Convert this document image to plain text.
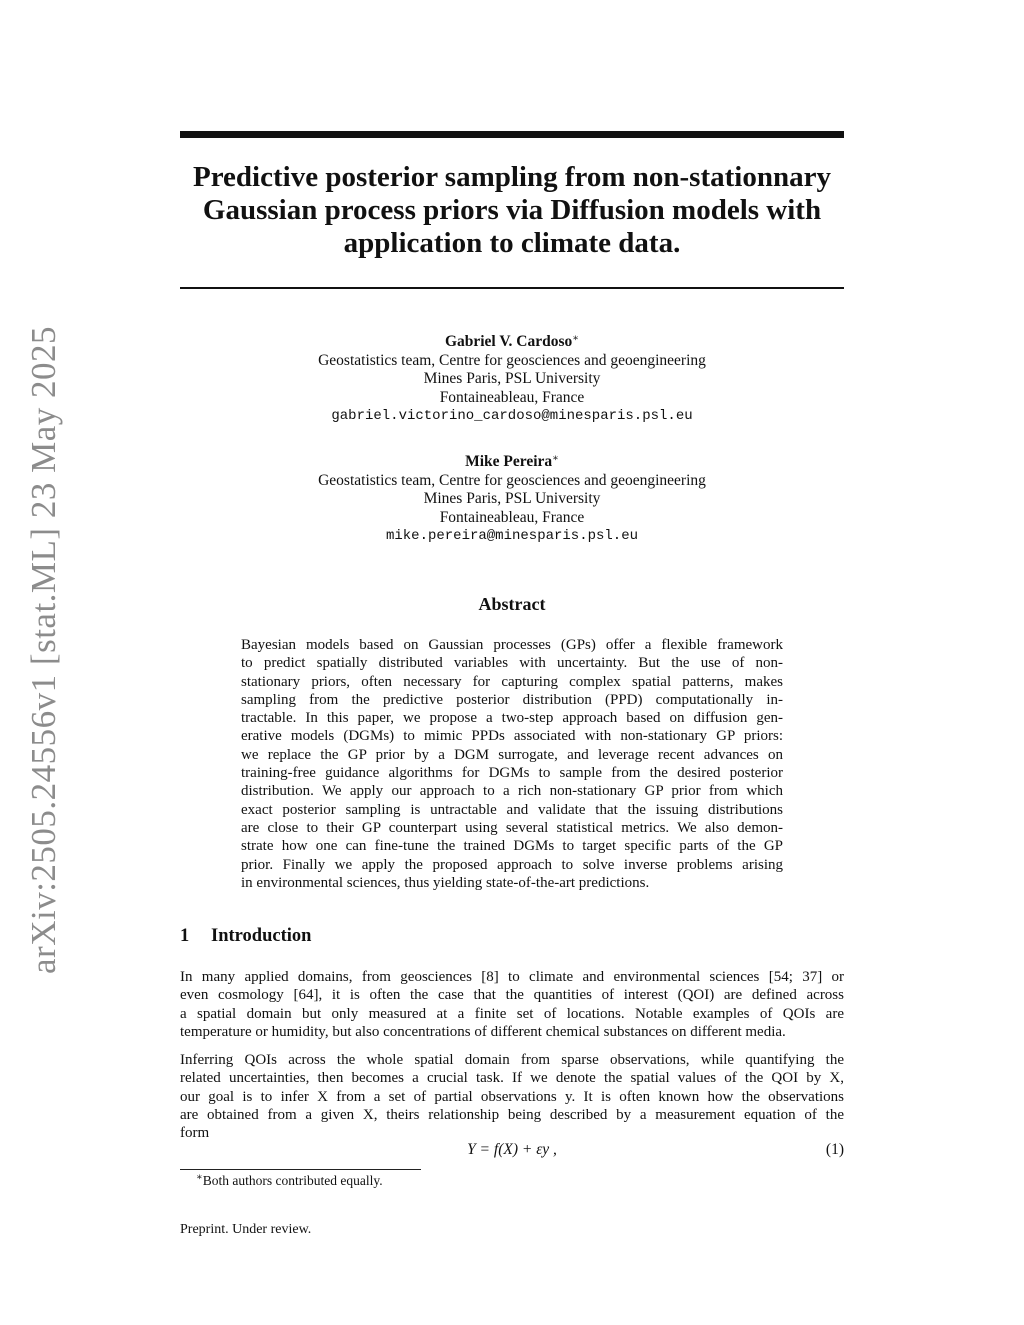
arXiv:2505.24556v1 [stat.ML] 23 May 2025
Predictive posterior sampling from non-stationnary
Gaussian process priors via Diffusion models with
application to climate data.
Gabriel V. Cardoso∗
Geostatistics team, Centre for geosciences and geoengineering
Mines Paris, PSL University
Fontaineableau, France
gabriel.victorino_cardoso@minesparis.psl.eu
Mike Pereira∗
Geostatistics team, Centre for geosciences and geoengineering
Mines Paris, PSL University
Fontaineableau, France
mike.pereira@minesparis.psl.eu
Abstract
Bayesian models based on Gaussian processes (GPs) offer a flexible framework
to predict spatially distributed variables with uncertainty. But the use of non-
stationary priors, often necessary for capturing complex spatial patterns, makes
sampling from the predictive posterior distribution (PPD) computationally in-
tractable. In this paper, we propose a two-step approach based on diffusion gen-
erative models (DGMs) to mimic PPDs associated with non-stationary GP priors:
we replace the GP prior by a DGM surrogate, and leverage recent advances on
training-free guidance algorithms for DGMs to sample from the desired posterior
distribution. We apply our approach to a rich non-stationary GP prior from which
exact posterior sampling is untractable and validate that the issuing distributions
are close to their GP counterpart using several statistical metrics. We also demon-
strate how one can fine-tune the trained DGMs to target specific parts of the GP
prior. Finally we apply the proposed approach to solve inverse problems arising
in environmental sciences, thus yielding state-of-the-art predictions.
1 Introduction
In many applied domains, from geosciences [8] to climate and environmental sciences [54; 37] or
even cosmology [64], it is often the case that the quantities of interest (QOI) are defined across
a spatial domain but only measured at a finite set of locations. Notable examples of QOIs are
temperature or humidity, but also concentrations of different chemical substances on different media.
Inferring QOIs across the whole spatial domain from sparse observations, while quantifying the
related uncertainties, then becomes a crucial task. If we denote the spatial values of the QOI by X,
our goal is to infer X from a set of partial observations y. It is often known how the observations
are obtained from a given X, theirs relationship being described by a measurement equation of the
form
Y = f(X) + εy ,	(1)
∗Both authors contributed equally.
Preprint. Under review.
